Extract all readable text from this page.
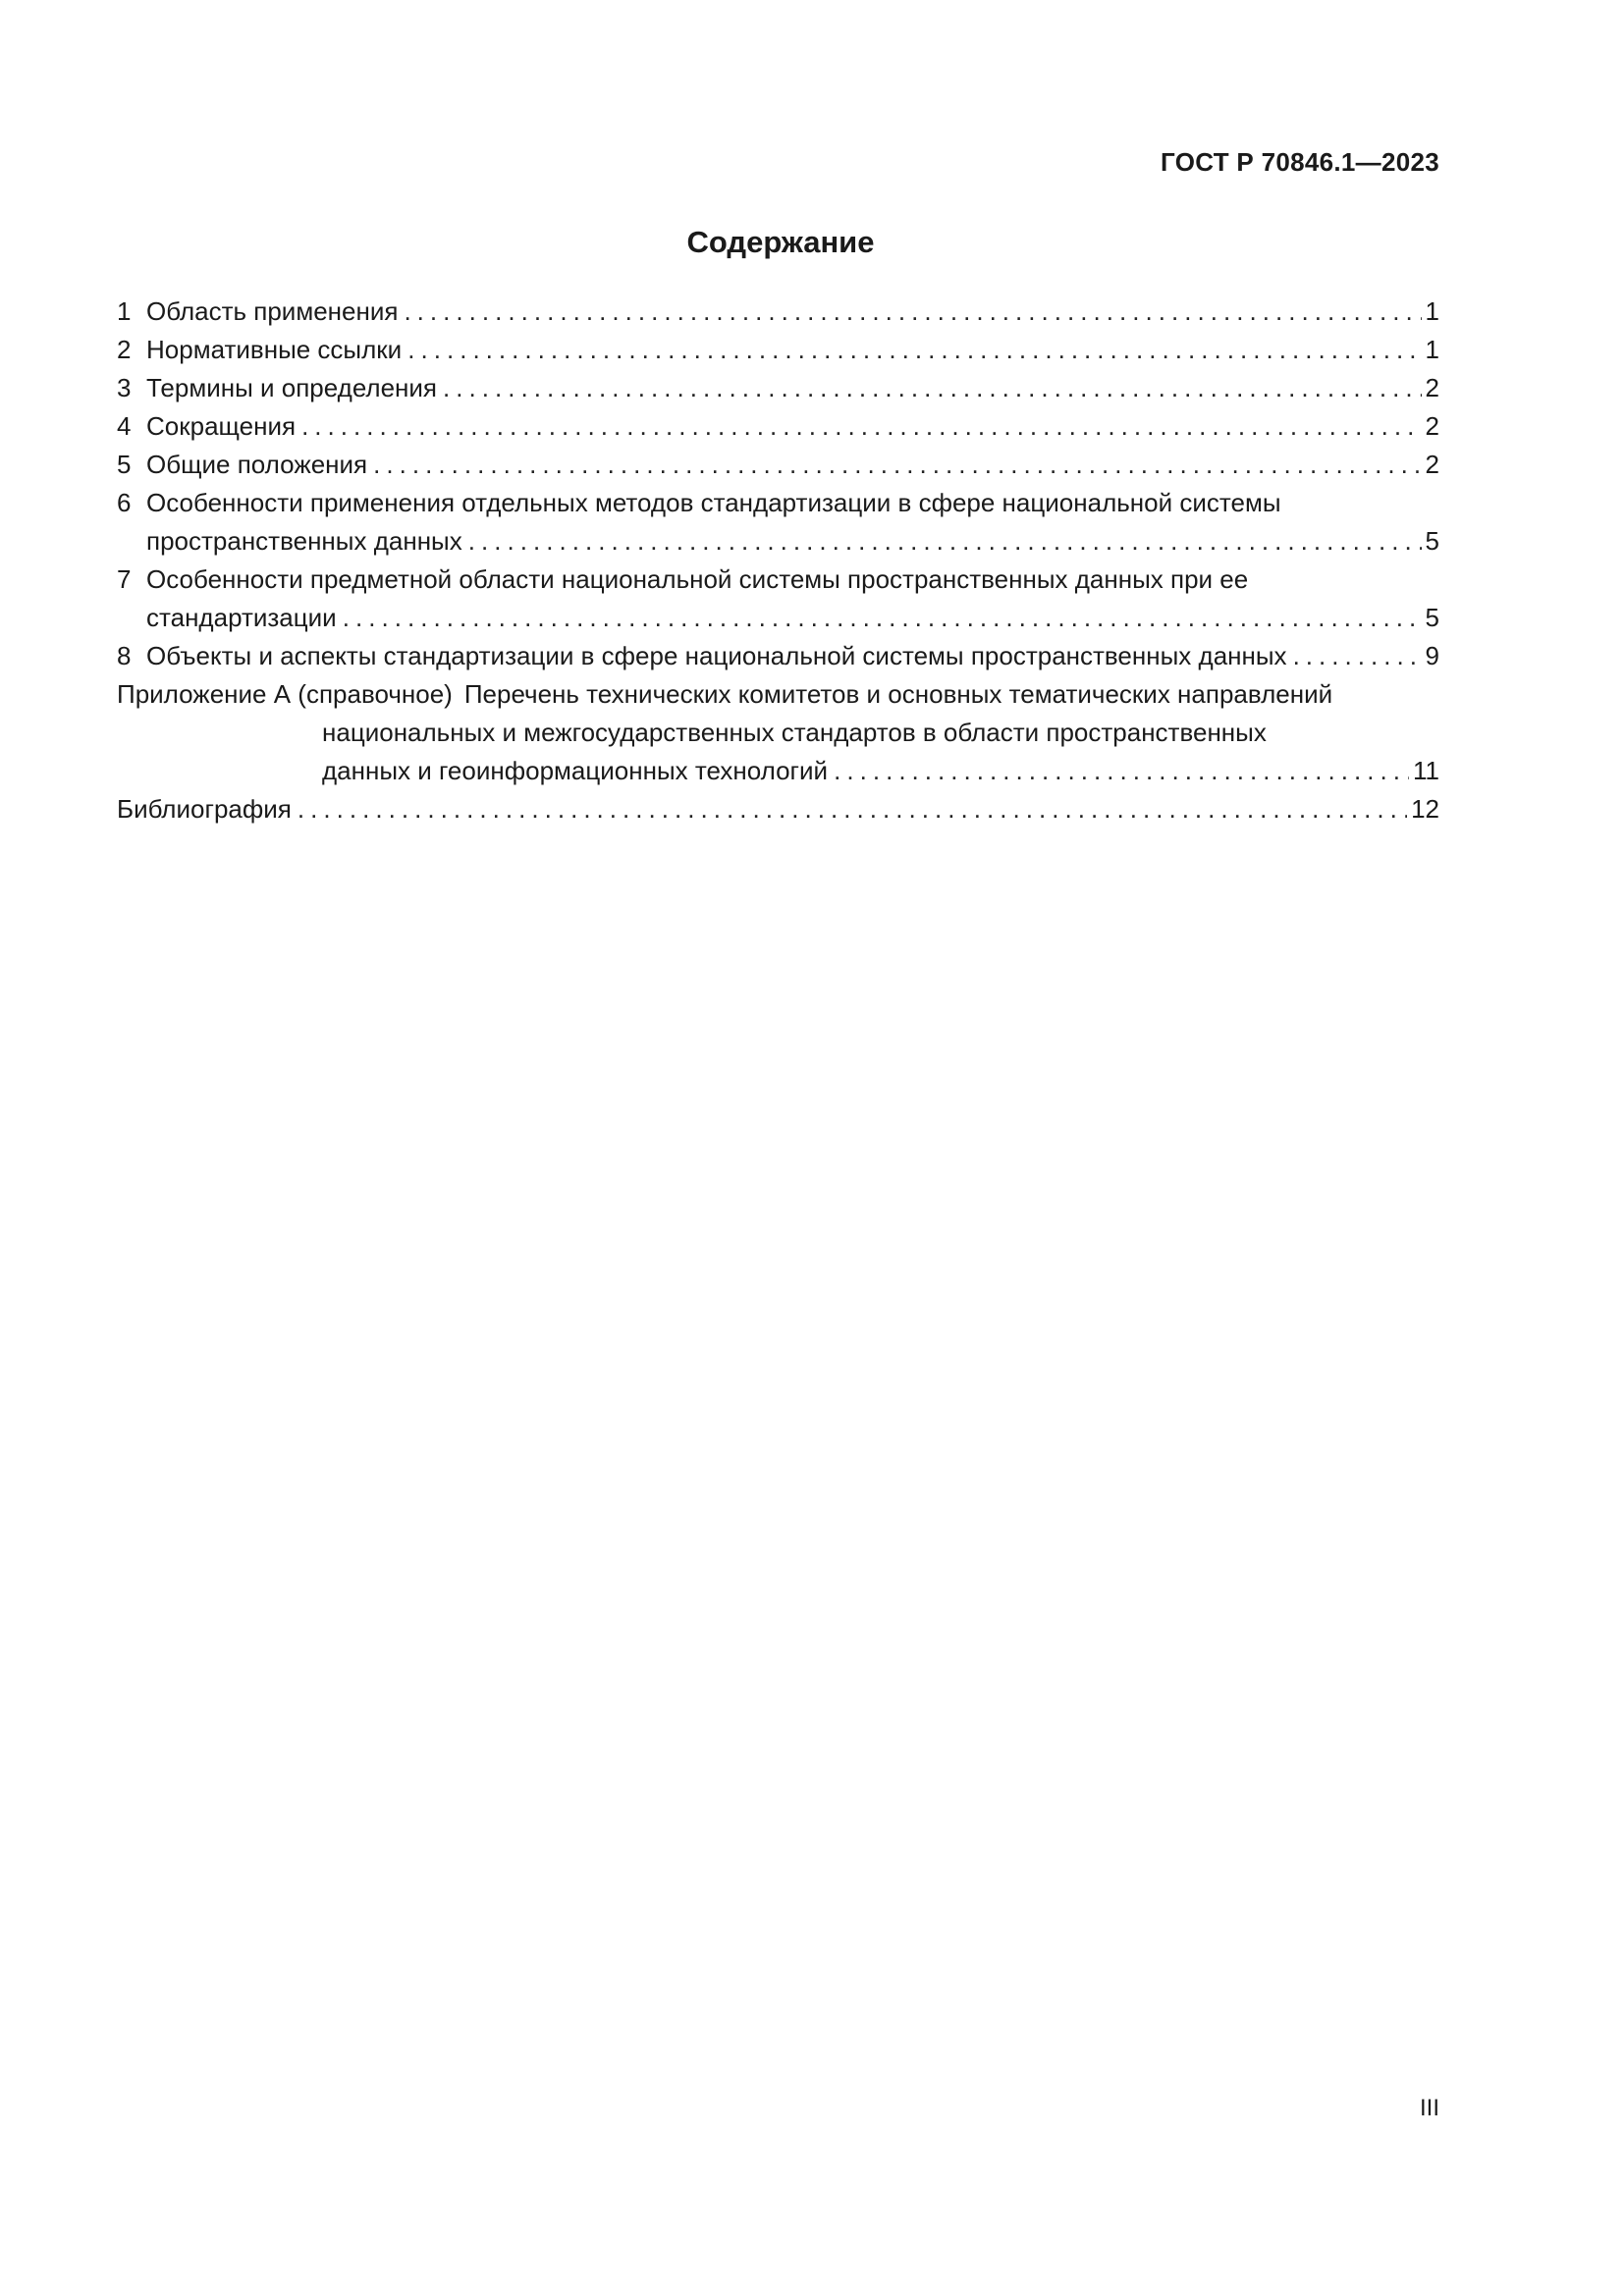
ГОСТ Р 70846.1—2023
Содержание
1 Область применения . . .	1
2 Нормативные ссылки . . .	1
3 Термины и определения . . .	2
4 Сокращения . . .	2
5 Общие положения . . .	2
6 Особенности применения отдельных методов стандартизации в сфере национальной системы
пространственных данных . . .	5
7 Особенности предметной области национальной системы пространственных данных при ее
стандартизации . . .	5
8 Объекты и аспекты стандартизации в сфере национальной системы пространственных данных . . .	9
Приложение А (справочное) Перечень технических комитетов и основных тематических направлений
национальных и межгосударственных стандартов в области пространственных
данных и геоинформационных технологий . . .	11
Библиография . . .	12
III
